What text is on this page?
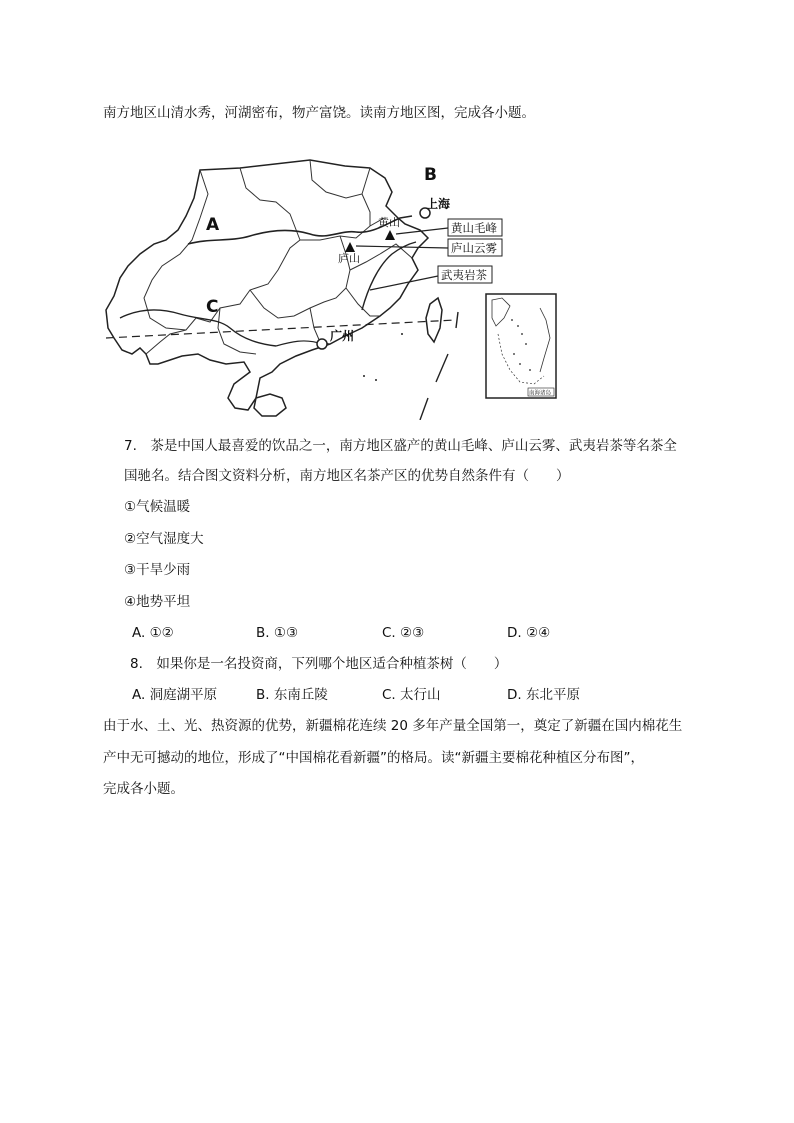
南方地区山清水秀，河湖密布，物产富饶。读南方地区图，完成各小题。
黄山毛峰
庐山云雾
武夷岩茶
A
B
C
上海
黄山
庐山
广州
南海诸岛
7.　茶是中国人最喜爱的饮品之一，南方地区盛产的黄山毛峰、庐山云雾、武夷岩茶等名茶全
国驰名。结合图文资料分析，南方地区名茶产区的优势自然条件有（　　）
①气候温暖
②空气湿度大
③干旱少雨
④地势平坦
A. ①②	B. ①③	C. ②③	D. ②④
8.　如果你是一名投资商，下列哪个地区适合种植茶树（　　）
A. 洞庭湖平原	B. 东南丘陵	C. 太行山	D. 东北平原
由于水、土、光、热资源的优势，新疆棉花连续 20 多年产量全国第一，奠定了新疆在国内棉花生
产中无可撼动的地位，形成了“中国棉花看新疆”的格局。读“新疆主要棉花种植区分布图”，
完成各小题。
